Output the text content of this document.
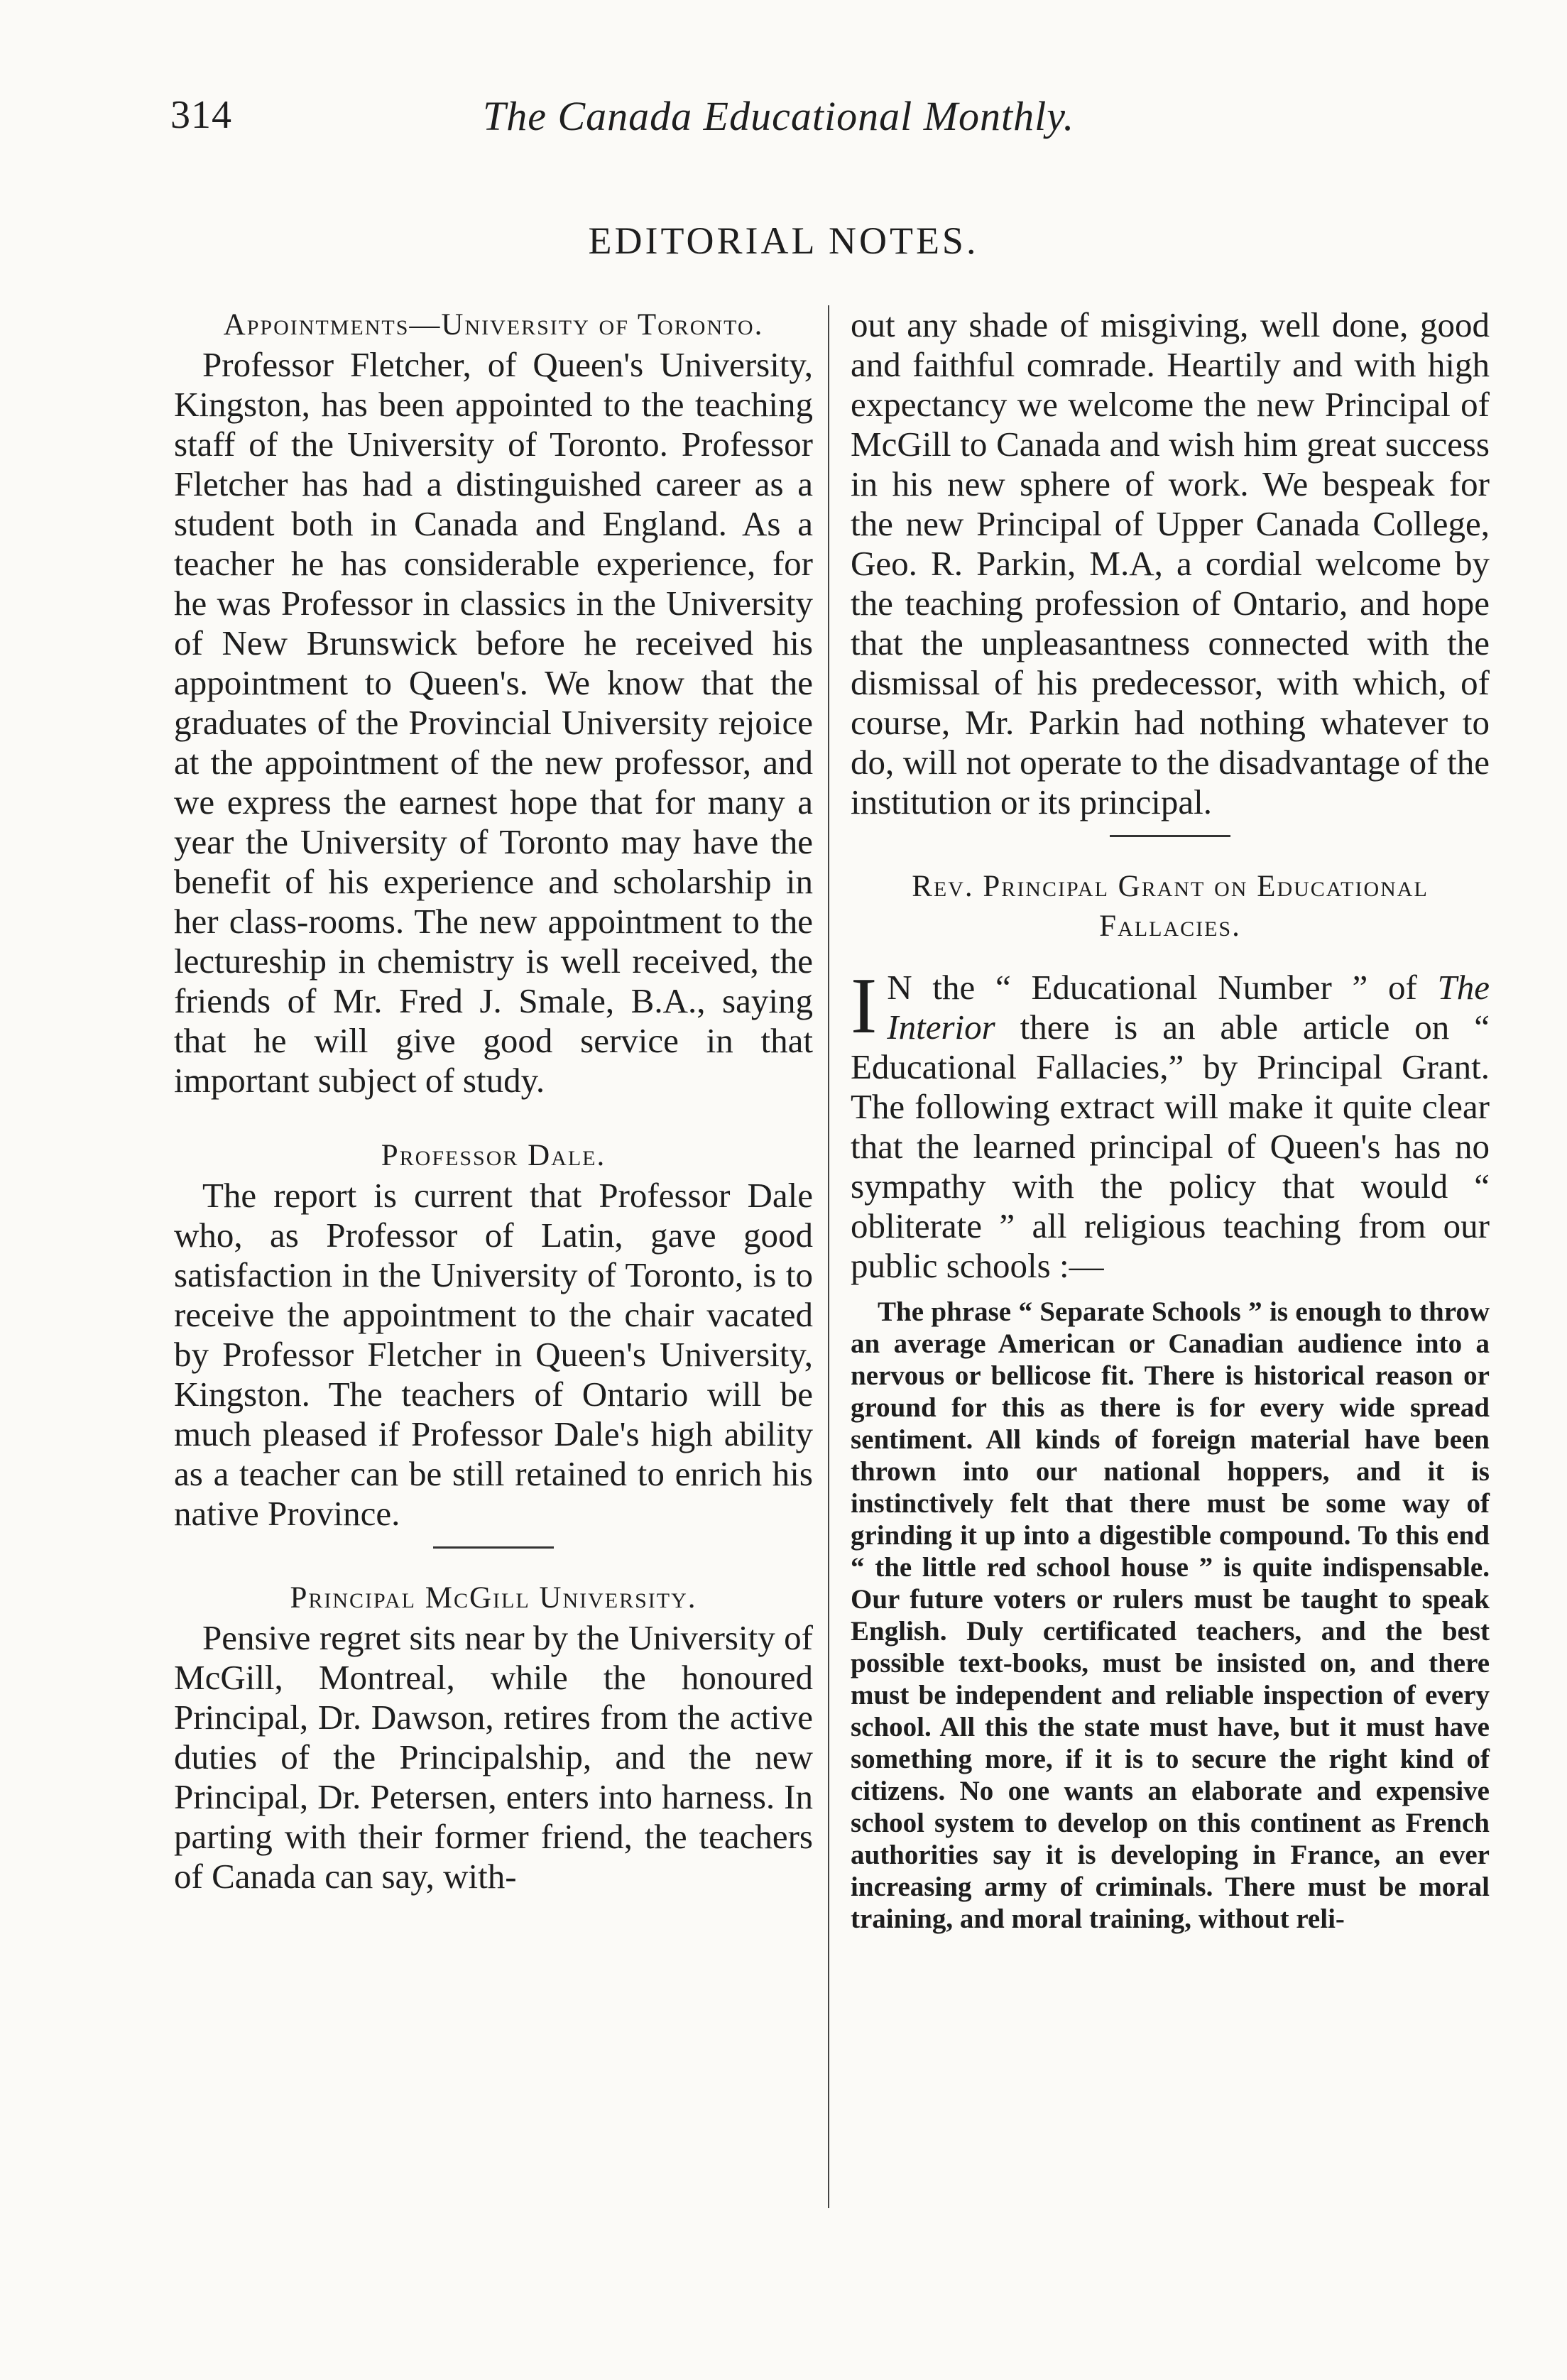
314	The Canada Educational Monthly.
EDITORIAL NOTES.
Appointments—University of Toronto.

Professor Fletcher, of Queen's University, Kingston, has been appointed to the teaching staff of the University of Toronto. Professor Fletcher has had a distinguished career as a student both in Canada and England. As a teacher he has considerable experience, for he was Professor in classics in the University of New Brunswick before he received his appointment to Queen's. We know that the graduates of the Provincial University rejoice at the appointment of the new professor, and we express the earnest hope that for many a year the University of Toronto may have the benefit of his experience and scholarship in her class-rooms. The new appointment to the lectureship in chemistry is well received, the friends of Mr. Fred J. Smale, B.A., saying that he will give good service in that important subject of study.

Professor Dale.

The report is current that Professor Dale who, as Professor of Latin, gave good satisfaction in the University of Toronto, is to receive the appointment to the chair vacated by Professor Fletcher in Queen's University, Kingston. The teachers of Ontario will be much pleased if Professor Dale's high ability as a teacher can be still retained to enrich his native Province.

Principal McGill University.

Pensive regret sits near by the University of McGill, Montreal, while the honoured Principal, Dr. Dawson, retires from the active duties of the Principalship, and the new Principal, Dr. Petersen, enters into harness. In parting with their former friend, the teachers of Canada can say, with-

out any shade of misgiving, well done, good and faithful comrade. Heartily and with high expectancy we welcome the new Principal of McGill to Canada and wish him great success in his new sphere of work. We bespeak for the new Principal of Upper Canada College, Geo. R. Parkin, M.A, a cordial welcome by the teaching profession of Ontario, and hope that the unpleasantness connected with the dismissal of his predecessor, with which, of course, Mr. Parkin had nothing whatever to do, will not operate to the disadvantage of the institution or its principal.

Rev. Principal Grant on Educational Fallacies.

I N the “ Educational Number ” of The Interior there is an able article on “ Educational Fallacies,” by Principal Grant. The following extract will make it quite clear that the learned principal of Queen's has no sympathy with the policy that would “ obliterate ” all religious teaching from our public schools :—

The phrase “ Separate Schools ” is enough to throw an average American or Canadian audience into a nervous or bellicose fit. There is historical reason or ground for this as there is for every wide spread sentiment. All kinds of foreign material have been thrown into our national hoppers, and it is instinctively felt that there must be some way of grinding it up into a digestible compound. To this end “ the little red school house ” is quite indispensable. Our future voters or rulers must be taught to speak English. Duly certificated teachers, and the best possible text-books, must be insisted on, and there must be independent and reliable inspection of every school. All this the state must have, but it must have something more, if it is to secure the right kind of citizens. No one wants an elaborate and expensive school system to develop on this continent as French authorities say it is developing in France, an ever increasing army of criminals. There must be moral training, and moral training, without reli-
